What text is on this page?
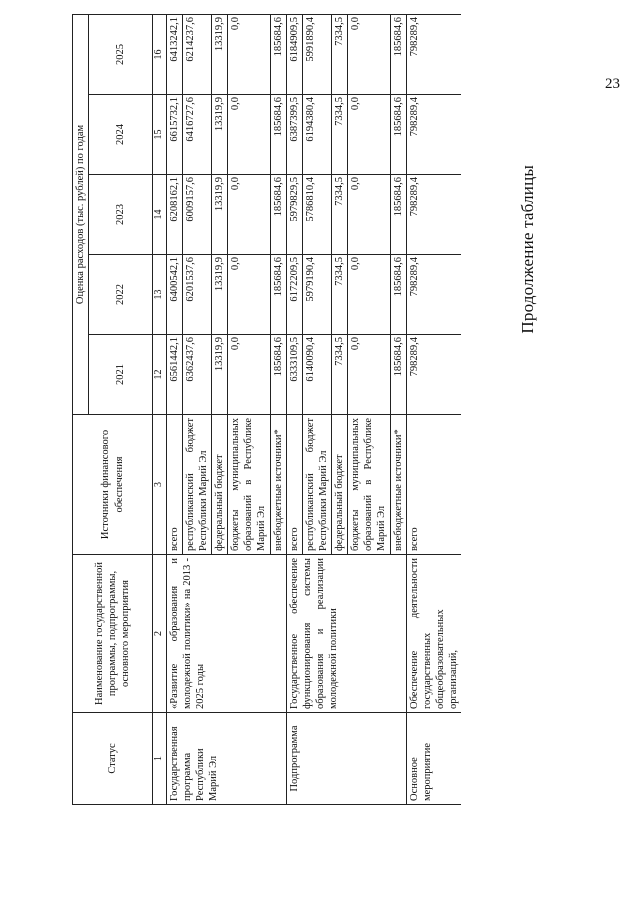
23
Продолжение таблицы
Статус	Наименование государственной программы, подпрограммы, основного мероприятия	Источники финансового обеспечения	Оценка расходов (тыс. рублей) по годам				
			2021	2022	2023	2024	2025
1	2	3	12	13	14	15	16
Государственная программа Республики Марий Эл	«Развитие образования и молодежной политики» на 2013 - 2025 годы	всего	6561442,1	6400542,1	6208162,1	6615732,1	6413242,1
		республиканский бюджет Республики Марий Эл	6362437,6	6201537,6	6009157,6	6416727,6	6214237,6
		федеральный бюджет	13319,9	13319,9	13319,9	13319,9	13319,9
		бюджеты муниципальных образований в Республике Марий Эл	0,0	0,0	0,0	0,0	0,0
		внебюджетные источники*	185684,6	185684,6	185684,6	185684,6	185684,6
Подпрограмма	Государственное обеспечение функционирования системы образования и реализации молодежной политики	всего	6333109,5	6172209,5	5979829,5	6387399,5	6184909,5
		республиканский бюджет Республики Марий Эл	6140090,4	5979190,4	5786810,4	6194380,4	5991890,4
		федеральный бюджет	7334,5	7334,5	7334,5	7334,5	7334,5
		бюджеты муниципальных образований в Республике Марий Эл	0,0	0,0	0,0	0,0	0,0
		внебюджетные источники*	185684,6	185684,6	185684,6	185684,6	185684,6
Основное мероприятие	Обеспечение деятельности государственных общеобразовательных организаций,	всего	798289,4	798289,4	798289,4	798289,4	798289,4
